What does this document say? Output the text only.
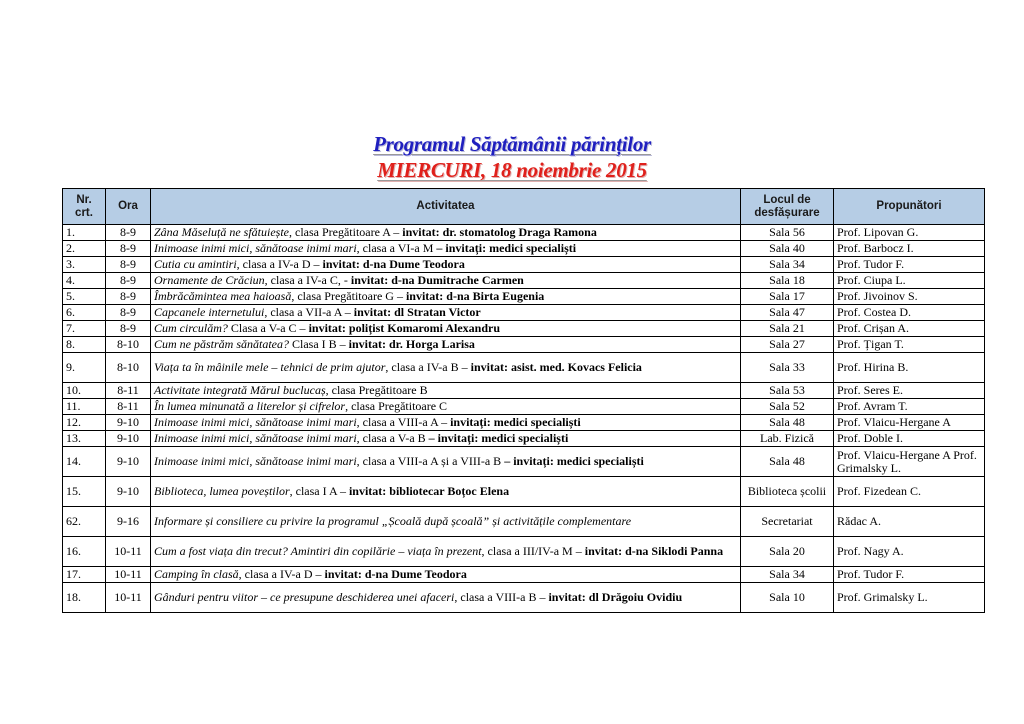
Programul Săptămânii părinților
MIERCURI, 18 noiembrie 2015
Nr. crt.	Ora	Activitatea	Locul de desfășurare	Propunători
1.	8-9	Zâna Măseluță ne sfătuiește, clasa Pregătitoare A – invitat: dr. stomatolog Draga Ramona	Sala 56	Prof. Lipovan G.
2.	8-9	Inimoase inimi mici, sănătoase inimi mari, clasa a VI-a M – invitați: medici specialiști	Sala 40	Prof. Barbocz I.
3.	8-9	Cutia cu amintiri, clasa a IV-a D – invitat: d-na Dume Teodora	Sala 34	Prof. Tudor F.
4.	8-9	Ornamente de Crăciun, clasa a IV-a C, - invitat: d-na Dumitrache Carmen	Sala 18	Prof. Ciupa L.
5.	8-9	Îmbrăcămintea mea haioasă, clasa Pregătitoare G – invitat: d-na Birta Eugenia	Sala 17	Prof. Jivoinov S.
6.	8-9	Capcanele internetului, clasa a VII-a A – invitat: dl Stratan Victor	Sala 47	Prof. Costea D.
7.	8-9	Cum circulăm? Clasa a V-a C – invitat: polițist Komaromi Alexandru	Sala 21	Prof. Crișan A.
8.	8-10	Cum ne păstrăm sănătatea? Clasa I B – invitat: dr. Horga Larisa	Sala 27	Prof. Țigan T.
9.	8-10	Viața ta în mâinile mele – tehnici de prim ajutor, clasa a IV-a B – invitat: asist. med. Kovacs Felicia	Sala 33	Prof. Hirina B.
10.	8-11	Activitate integrată Mărul buclucaș, clasa Pregătitoare B	Sala 53	Prof. Seres E.
11.	8-11	În lumea minunată a literelor și cifrelor, clasa Pregătitoare C	Sala 52	Prof. Avram T.
12.	9-10	Inimoase inimi mici, sănătoase inimi mari, clasa a VIII-a A – invitați: medici specialiști	Sala 48	Prof. Vlaicu-Hergane A
13.	9-10	Inimoase inimi mici, sănătoase inimi mari, clasa a V-a B – invitați: medici specialiști	Lab. Fizică	Prof. Doble I.
14.	9-10	Inimoase inimi mici, sănătoase inimi mari, clasa a VIII-a A și a VIII-a B – invitați: medici specialiști	Sala 48	Prof. Vlaicu-Hergane A Prof. Grimalsky L.
15.	9-10	Biblioteca, lumea poveștilor, clasa I A – invitat: bibliotecar Boțoc Elena	Biblioteca școlii	Prof. Fizedean C.
62.	9-16	Informare și consiliere cu privire la programul „Școală după școală” și activitățile complementare	Secretariat	Rădac A.
16.	10-11	Cum a fost viața din trecut? Amintiri din copilărie – viața în prezent, clasa a III/IV-a M – invitat: d-na Siklodi Panna	Sala 20	Prof. Nagy A.
17.	10-11	Camping în clasă, clasa a IV-a D – invitat: d-na Dume Teodora	Sala 34	Prof. Tudor F.
18.	10-11	Gânduri pentru viitor – ce presupune deschiderea unei afaceri, clasa a VIII-a B – invitat: dl Drăgoiu Ovidiu	Sala 10	Prof. Grimalsky L.
